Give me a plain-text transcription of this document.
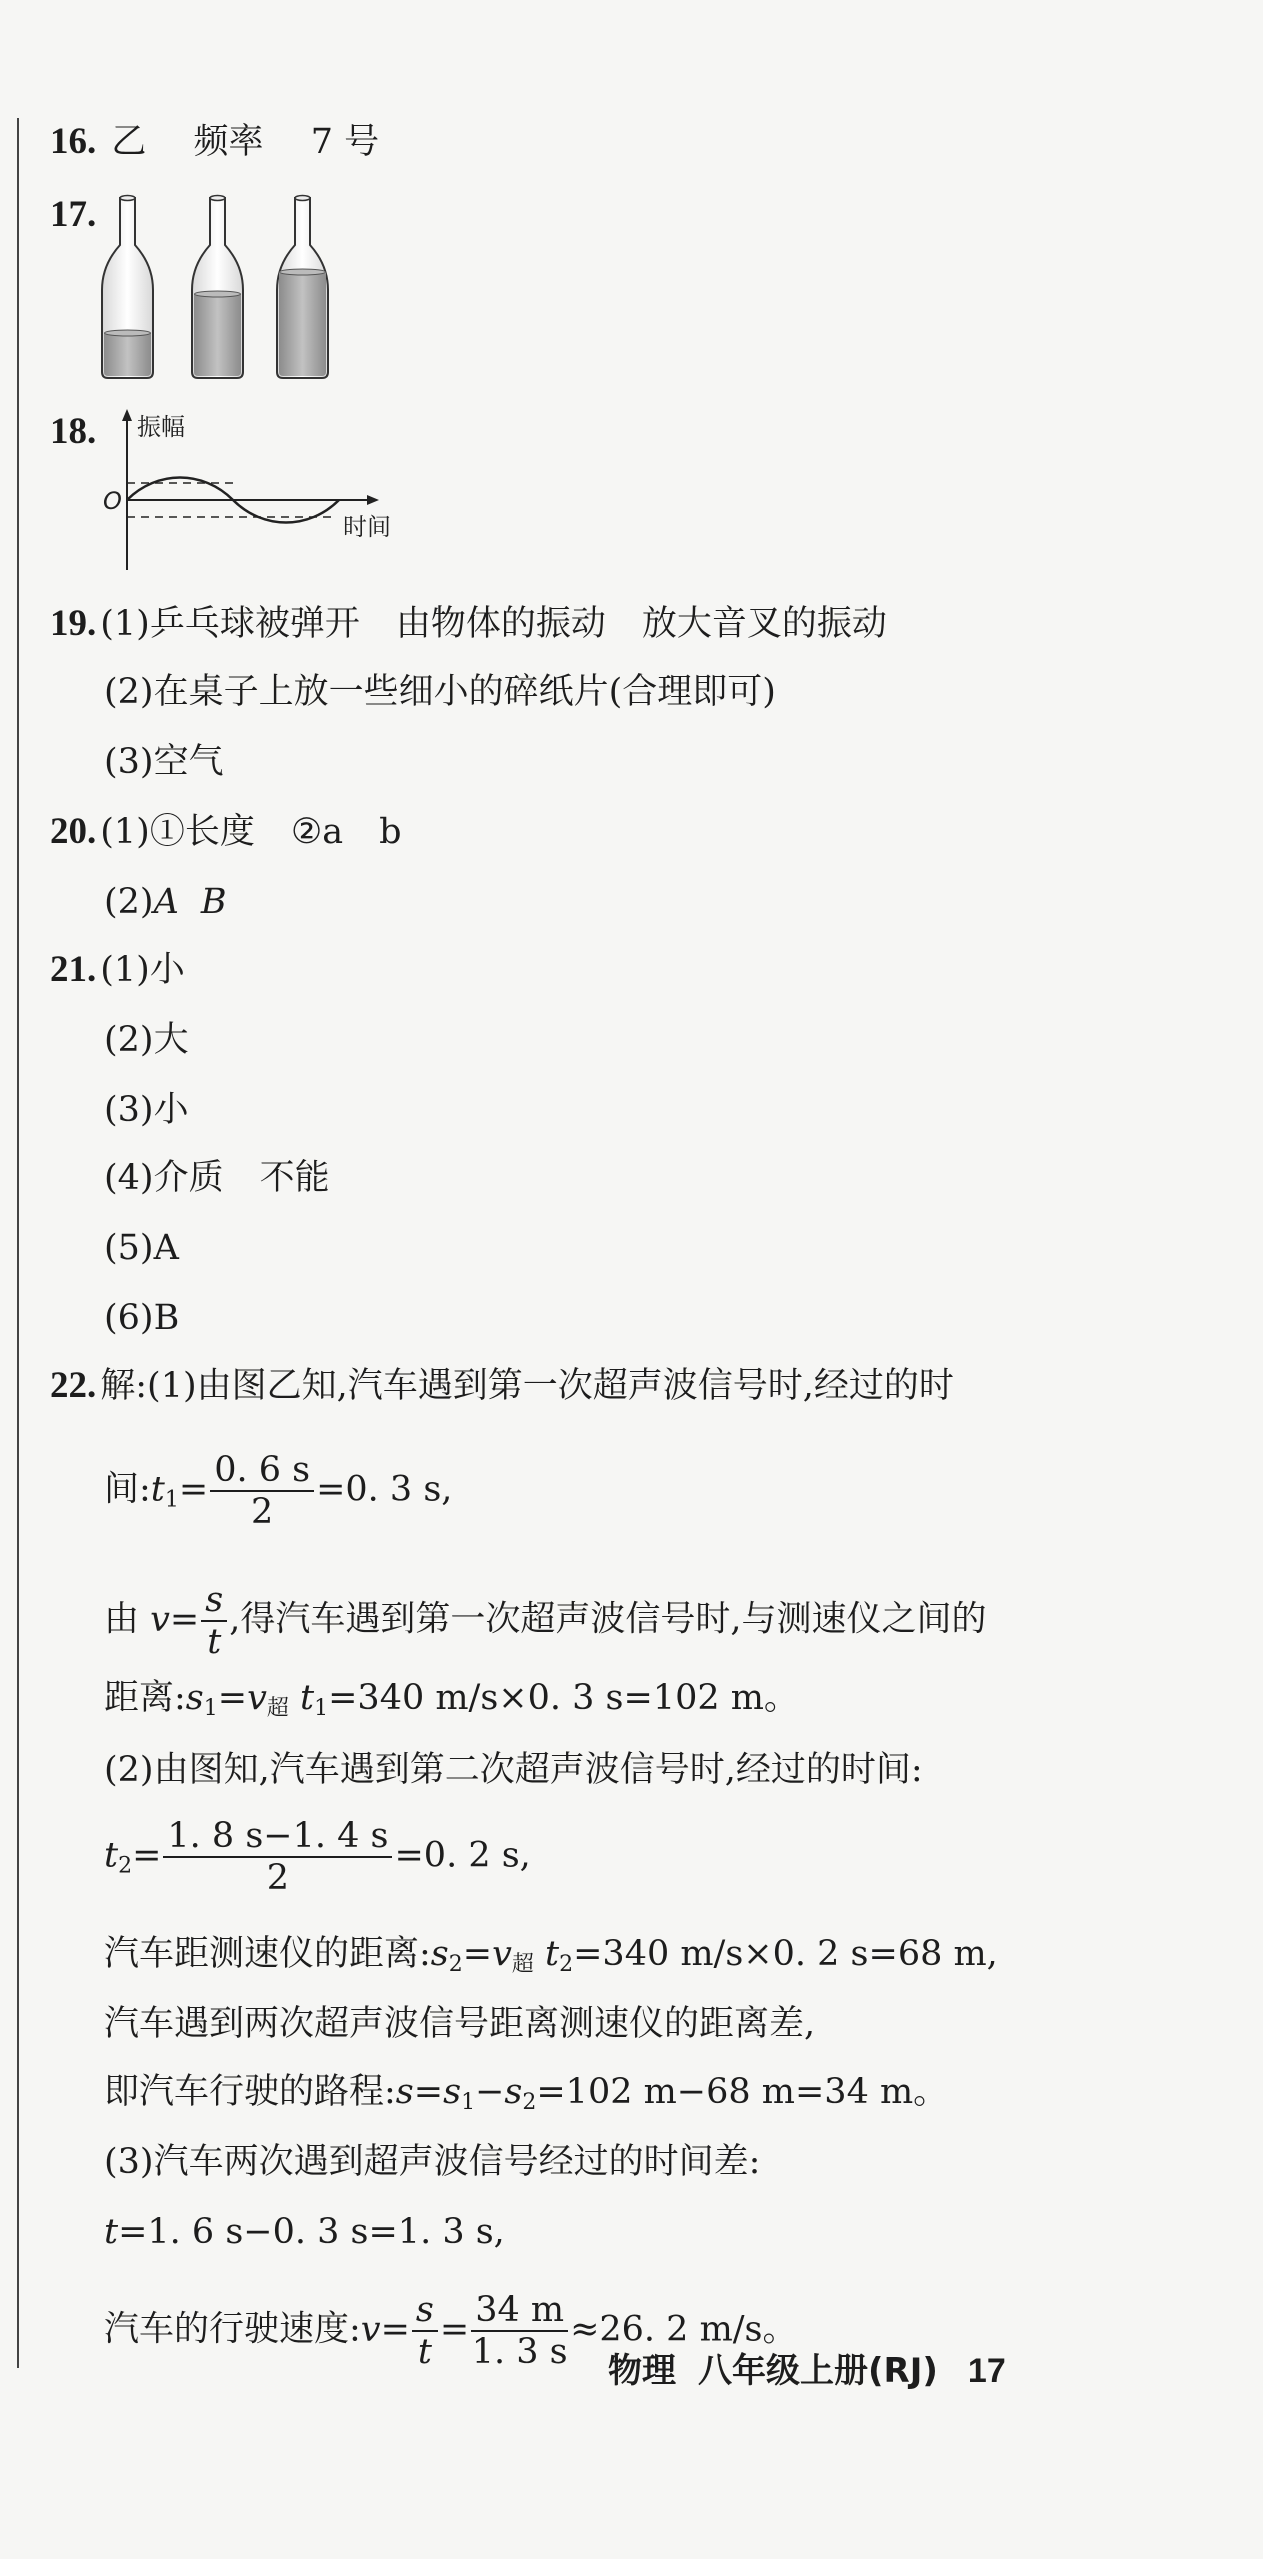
16. 乙 频率 7 号
17.
18. 振幅
O
时间
19. (1)乒乓球被弹开 由物体的振动 放大音叉的振动
(2)在桌子上放一些细小的碎纸片(合理即可)
(3)空气
20. (1)①长度 ②a b
(2)A B
21. (1)小
(2)大
(3)小
(4)介质 不能
(5)A
(6)B
22. 解:(1)由图乙知,汽车遇到第一次超声波信号时,经过的时
间$:t_1= \frac{0. 6 s}{2} =0$. 3 s,
由 $v= \frac{s}{t}$ ,得汽车遇到第一次超声波信号时,与测速仪之间的
距离$:s_1=v_超$ $t_1=340$ m/s×0. 3 s=102 m。
(2)由图知,汽车遇到第二次超声波信号时,经过的时间:
$t_2= \frac{1. 8 s-1. 4 s}{2} =0$. 2 s,
汽车距测速仪的距离$:s_2=v_超$ $t_2=340$ m/s×0. 2 s=68 m,
汽车遇到两次超声波信号距离测速仪的距离差,
即汽车行驶的路程$:s=s_1-s_2=102$ m−68 m=34 m。
(3)汽车两次遇到超声波信号经过的时间差:
t=1. 6 s−0. 3 s=1. 3 s,
汽车的行驶速度:v= $\frac{s}{t} = \frac{34 m}{1. 3 s} \approx 26$. 2 m/s。
物理 八年级上册(RJ) 17
